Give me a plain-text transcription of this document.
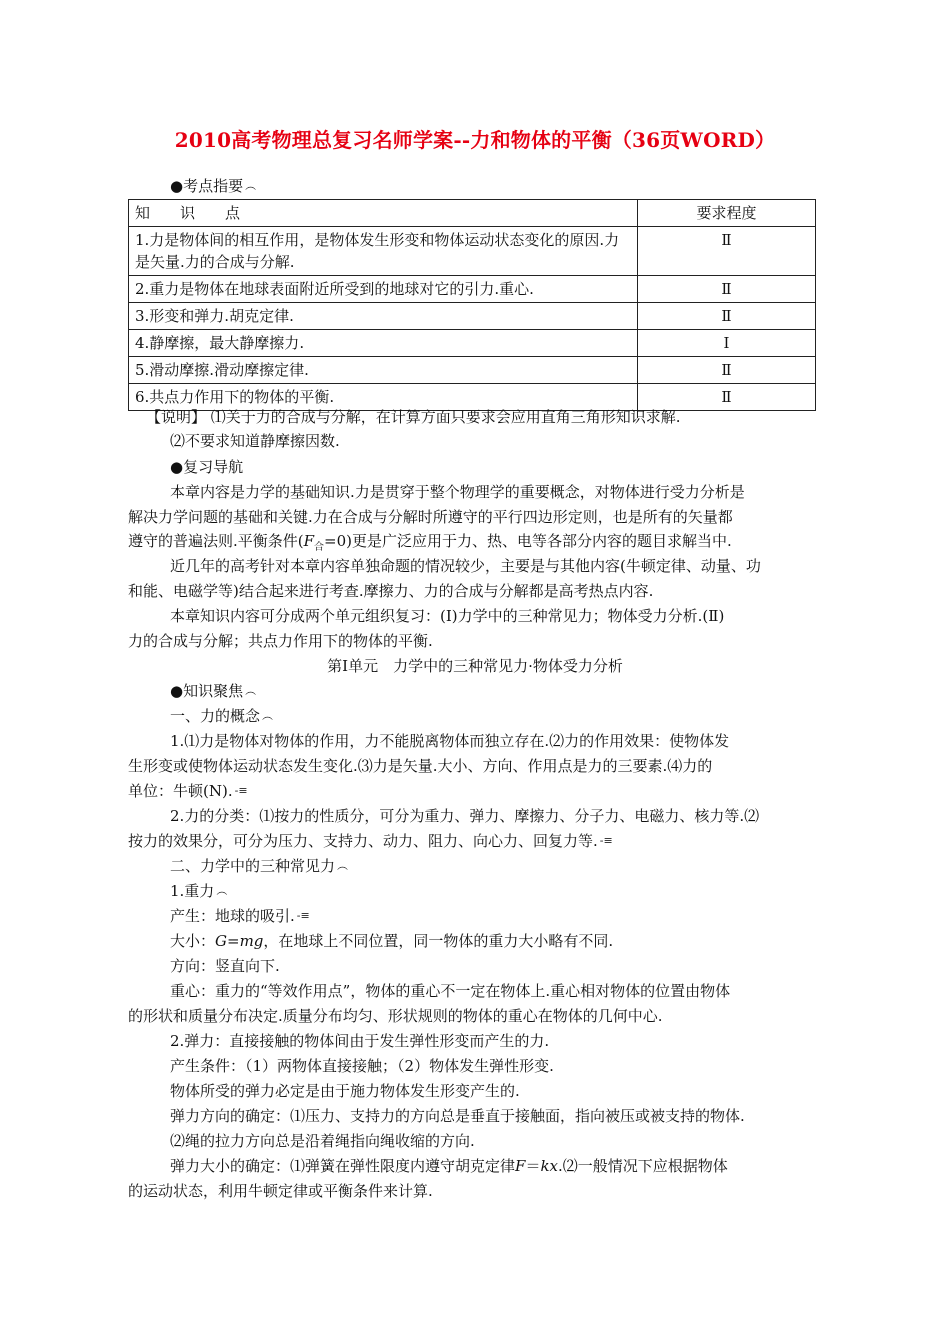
2010高考物理总复习名师学案--力和物体的平衡（36页WORD）
●考点指要 ︵
知　　识　　点	要求程度
1.力是物体间的相互作用，是物体发生形变和物体运动状态变化的原因.力是矢量.力的合成与分解.	Ⅱ
2.重力是物体在地球表面附近所受到的地球对它的引力.重心.	Ⅱ
3.形变和弹力.胡克定律.	Ⅱ
4.静摩擦，最大静摩擦力.	Ⅰ
5.滑动摩擦.滑动摩擦定律.	Ⅱ
6.共点力作用下的物体的平衡.	Ⅱ
【说明】 ⑴关于力的合成与分解，在计算方面只要求会应用直角三角形知识求解.
⑵不要求知道静摩擦因数.
●复习导航
本章内容是力学的基础知识.力是贯穿于整个物理学的重要概念，对物体进行受力分析是
解决力学问题的基础和关键.力在合成与分解时所遵守的平行四边形定则，也是所有的矢量都
遵守的普遍法则.平衡条件$(F_合=0)$更是广泛应用于力、热、电等各部分内容的题目求解当中.
近几年的高考针对本章内容单独命题的情况较少，主要是与其他内容(牛顿定律、动量、功
和能、电磁学等)结合起来进行考查.摩擦力、力的合成与分解都是高考热点内容.
本章知识内容可分成两个单元组织复习：(Ⅰ)力学中的三种常见力；物体受力分析.(Ⅱ)
力的合成与分解；共点力作用下的物体的平衡.
第Ⅰ单元　力学中的三种常见力·物体受力分析
●知识聚焦 ︵
一、力的概念 ︵
1.⑴力是物体对物体的作用，力不能脱离物体而独立存在.⑵力的作用效果：使物体发
生形变或使物体运动状态发生变化.⑶力是矢量.大小、方向、作用点是力的三要素.⑷力的
单位：牛顿(N). -≡
2.力的分类：⑴按力的性质分，可分为重力、弹力、摩擦力、分子力、电磁力、核力等.⑵
按力的效果分，可分为压力、支持力、动力、阻力、向心力、回复力等. -≡
二、力学中的三种常见力 ︵
1.重力 ︵
产生：地球的吸引. -≡
大小：G=mg，在地球上不同位置，同一物体的重力大小略有不同.
方向：竖直向下.
重心：重力的“等效作用点”，物体的重心不一定在物体上.重心相对物体的位置由物体
的形状和质量分布决定.质量分布均匀、形状规则的物体的重心在物体的几何中心.
2.弹力：直接接触的物体间由于发生弹性形变而产生的力.
产生条件：（1）两物体直接接触；（2）物体发生弹性形变.
物体所受的弹力必定是由于施力物体发生形变产生的.
弹力方向的确定：⑴压力、支持力的方向总是垂直于接触面，指向被压或被支持的物体.
⑵绳的拉力方向总是沿着绳指向绳收缩的方向.
弹力大小的确定：⑴弹簧在弹性限度内遵守胡克定律F＝kx.⑵一般情况下应根据物体
的运动状态，利用牛顿定律或平衡条件来计算.
